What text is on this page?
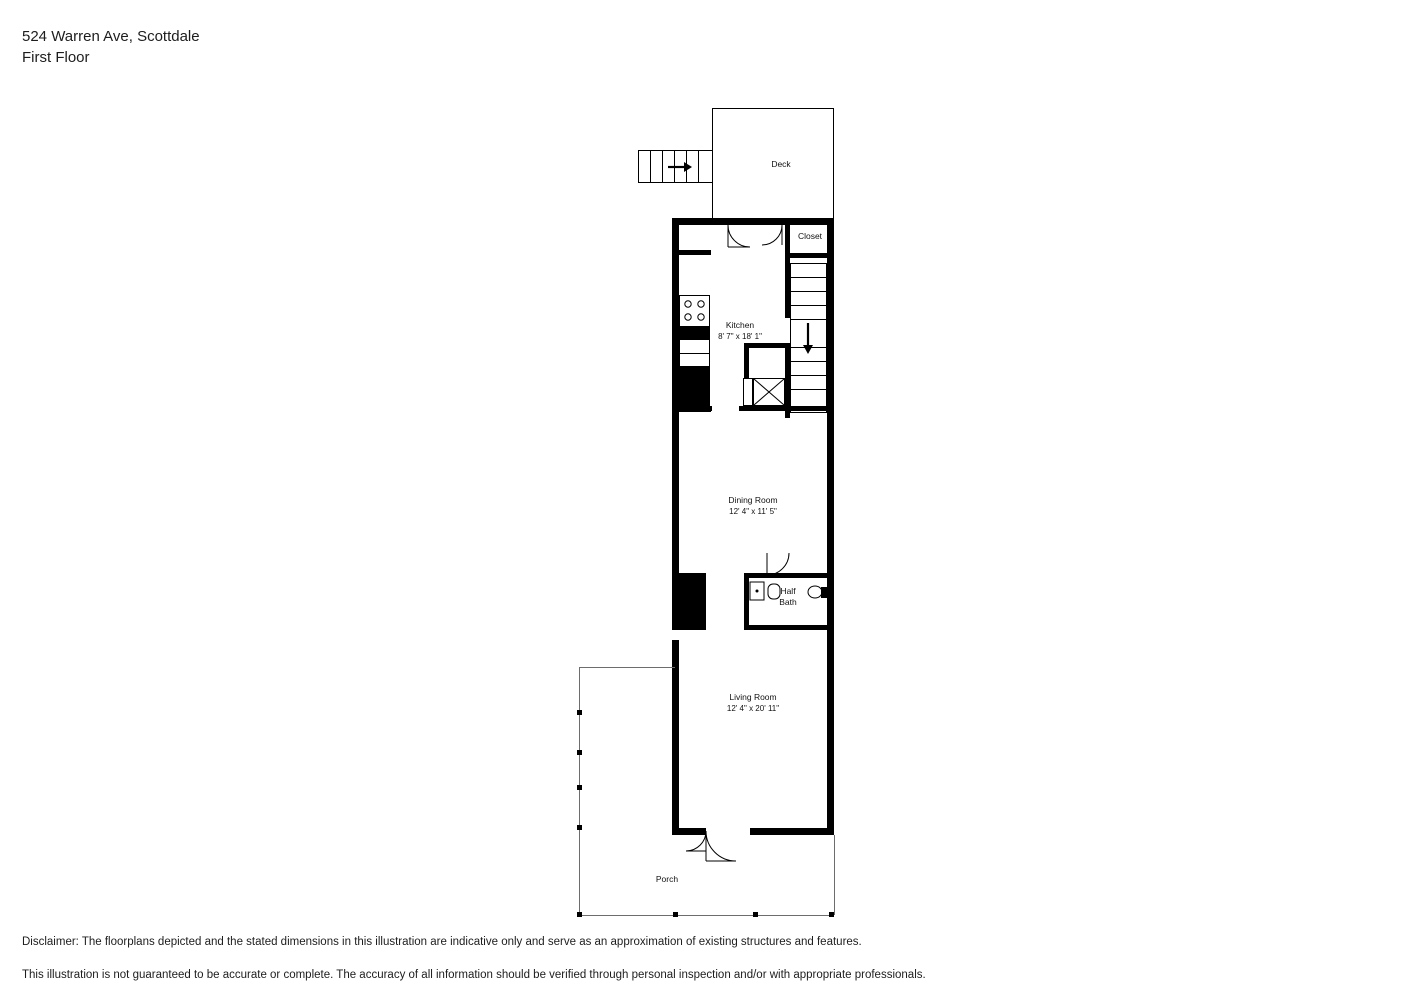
524 Warren Ave, Scottdale
First Floor
Deck
Closet
Kitchen
8' 7" x 18' 1"
Dining Room
12' 4" x 11' 5"
Half
Bath
Living Room
12' 4" x 20' 11"
Porch

Disclaimer: The floorplans depicted and the stated dimensions in this illustration are indicative only and serve as an approximation of existing structures and features.

This illustration is not guaranteed to be accurate or complete. The accuracy of all information should be verified through personal inspection and/or with appropriate professionals.
